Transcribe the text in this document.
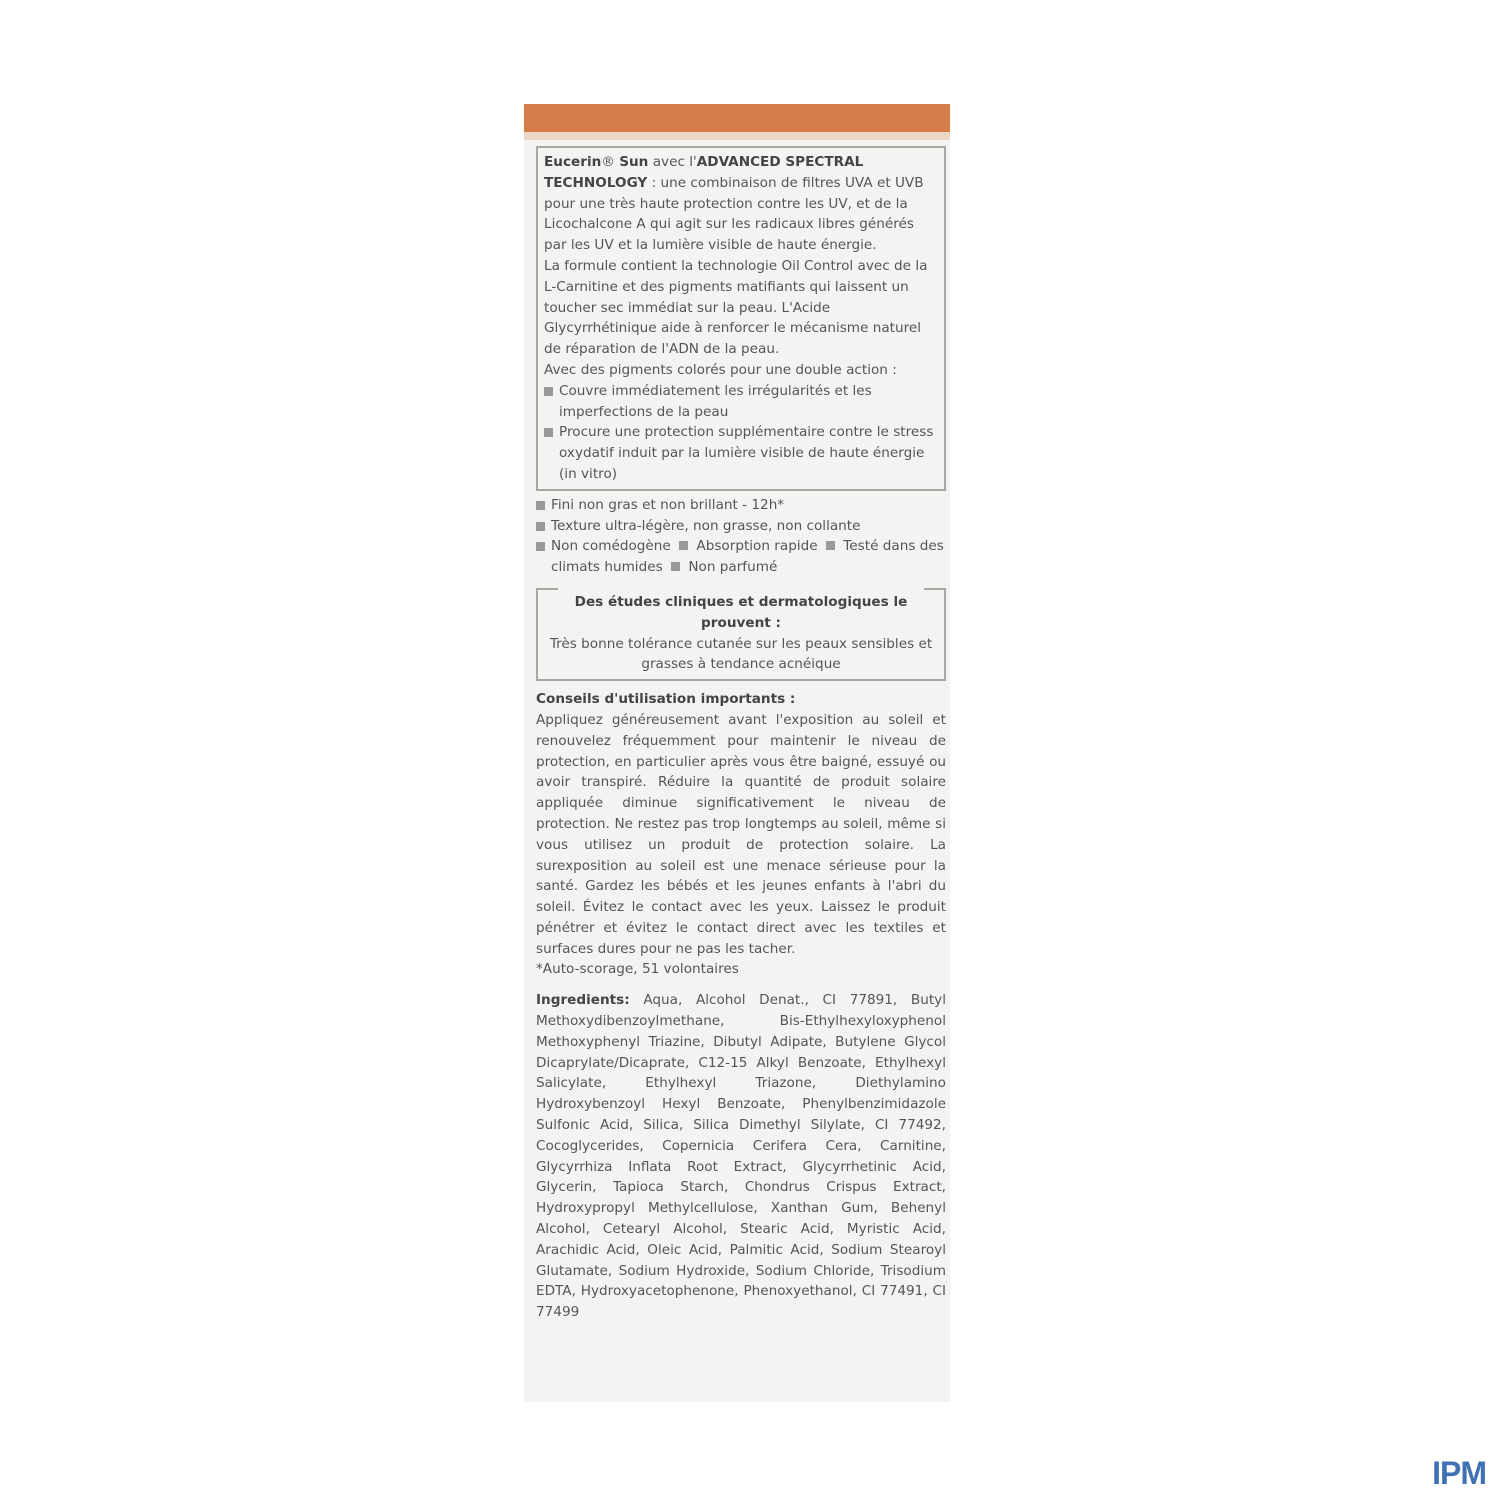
Eucerin® Sun avec l'ADVANCED SPECTRAL TECHNOLOGY : une combinaison de filtres UVA et UVB pour une très haute protection contre les UV, et de la Licochalcone A qui agit sur les radicaux libres générés par les UV et la lumière visible de haute énergie.

La formule contient la technologie Oil Control avec de la L-Carnitine et des pigments matifiants qui laissent un toucher sec immédiat sur la peau. L'Acide Glycyrrhétinique aide à renforcer le mécanisme naturel de réparation de l'ADN de la peau.

Avec des pigments colorés pour une double action :

Couvre immédiatement les irrégularités et les imperfections de la peau
Procure une protection supplémentaire contre le stress oxydatif induit par la lumière visible de haute énergie (in vitro)
Fini non gras et non brillant - 12h*
Texture ultra-légère, non grasse, non collante
Non comédogène Absorption rapide Testé dans des climats humides Non parfumé
Des études cliniques et dermatologiques le prouvent :
Très bonne tolérance cutanée sur les peaux sensibles et grasses à tendance acnéique

Conseils d'utilisation importants :

Appliquez généreusement avant l'exposition au soleil et renouvelez fréquemment pour maintenir le niveau de protection, en particulier après vous être baigné, essuyé ou avoir transpiré. Réduire la quantité de produit solaire appliquée diminue significativement le niveau de protection. Ne restez pas trop longtemps au soleil, même si vous utilisez un produit de protection solaire. La surexposition au soleil est une menace sérieuse pour la santé. Gardez les bébés et les jeunes enfants à l'abri du soleil. Évitez le contact avec les yeux. Laissez le produit pénétrer et évitez le contact direct avec les textiles et surfaces dures pour ne pas les tacher.

*Auto-scorage, 51 volontaires

Ingredients: Aqua, Alcohol Denat., CI 77891, Butyl Methoxydibenzoylmethane, Bis-Ethylhexyloxyphenol Methoxyphenyl Triazine, Dibutyl Adipate, Butylene Glycol Dicaprylate/Dicaprate, C12-15 Alkyl Benzoate, Ethylhexyl Salicylate, Ethylhexyl Triazone, Diethylamino Hydroxybenzoyl Hexyl Benzoate, Phenylbenzimidazole Sulfonic Acid, Silica, Silica Dimethyl Silylate, CI 77492, Cocoglycerides, Copernicia Cerifera Cera, Carnitine, Glycyrrhiza Inflata Root Extract, Glycyrrhetinic Acid, Glycerin, Tapioca Starch, Chondrus Crispus Extract, Hydroxypropyl Methylcellulose, Xanthan Gum, Behenyl Alcohol, Cetearyl Alcohol, Stearic Acid, Myristic Acid, Arachidic Acid, Oleic Acid, Palmitic Acid, Sodium Stearoyl Glutamate, Sodium Hydroxide, Sodium Chloride, Trisodium EDTA, Hydroxyacetophenone, Phenoxyethanol, CI 77491, CI 77499
IPM
